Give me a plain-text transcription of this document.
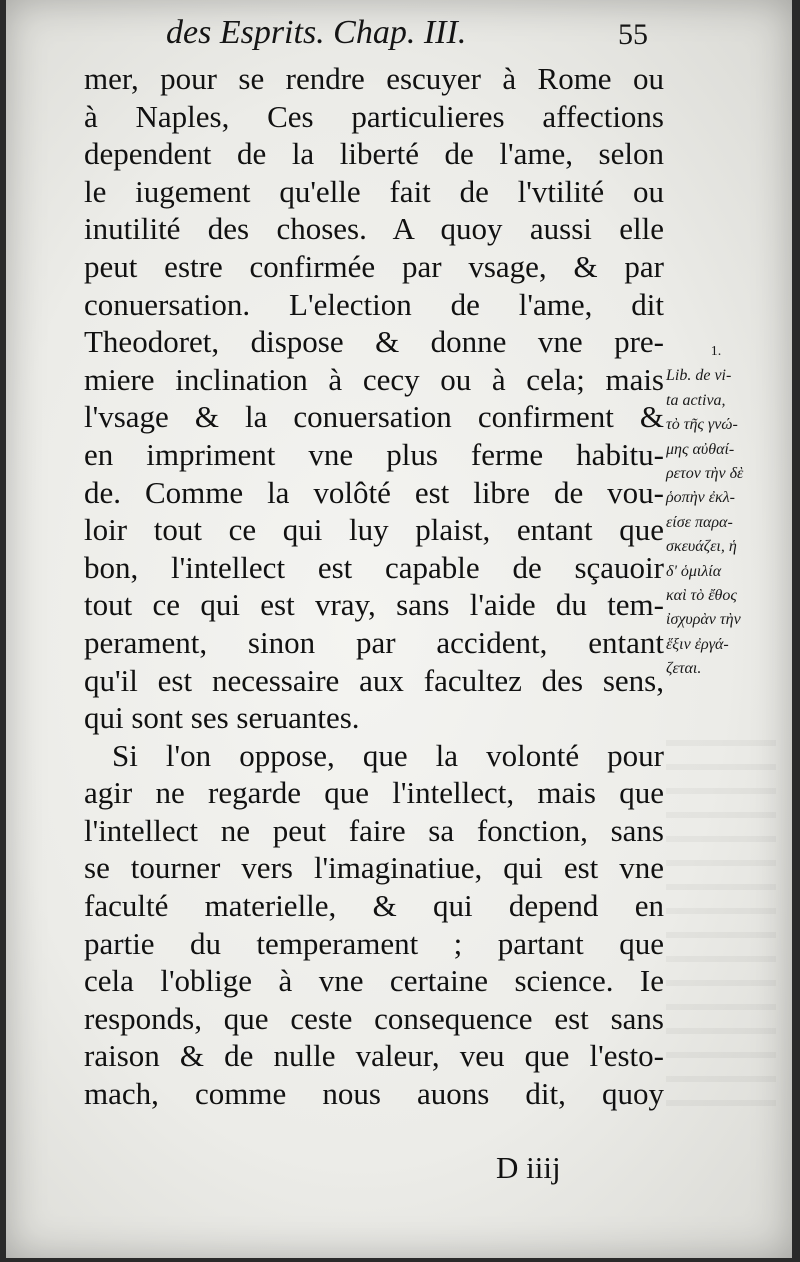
des Esprits. Chap. III.	55
mer, pour se rendre escuyer à Rome ou
à Naples, Ces particulieres affections
dependent de la liberté de l'ame, selon
le iugement qu'elle fait de l'vtilité ou
inutilité des choses. A quoy aussi elle
peut estre confirmée par vsage, & par
conuersation. L'election de l'ame, dit
Theodoret, dispose & donne vne pre-
miere inclination à cecy ou à cela; mais
l'vsage & la conuersation confirment &
en impriment vne plus ferme habitu-
de. Comme la volôté est libre de vou-
loir tout ce qui luy plaist, entant que
bon, l'intellect est capable de sçauoir
tout ce qui est vray, sans l'aide du tem-
perament, sinon par accident, entant
qu'il est necessaire aux facultez des sens,
qui sont ses seruantes.
Si l'on oppose, que la volonté pour
agir ne regarde que l'intellect, mais que
l'intellect ne peut faire sa fonction, sans
se tourner vers l'imaginatiue, qui est vne
faculté materielle, & qui depend en
partie du temperament ; partant que
cela l'oblige à vne certaine science. Ie
responds, que ceste consequence est sans
raison & de nulle valeur, veu que l'esto-
mach, comme nous auons dit, quoy
1.
Lib. de vi-
ta activa,
τὸ τῆς γνώ-
μης αὐθαί-
ρετον τὴν δὲ
ῥοπὴν ἐκλ-
είσε παρα-
σκευάζει, ἡ
δ' ὁμιλία
καὶ τὸ ἔθος
ἰσχυρὰν τὴν
ἕξιν ἐργά-
ζεται.
D iiij
